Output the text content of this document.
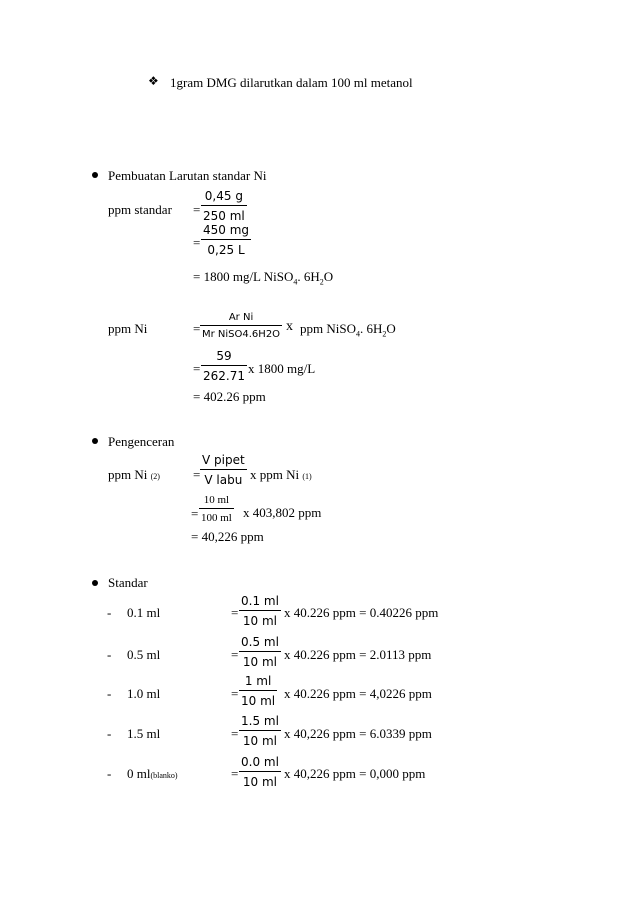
❖ 1gram DMG dilarutkan dalam 100 ml metanol
Pembuatan Larutan standar Ni
ppm standar = $\frac{0,45 g}{250 ml}$
= $\frac{450 mg}{0,25 L}$
= 1800 mg/L NiSO$_4$. $6H_2O$
ppm Ni	=
Ar Ni
Mr NiSO4.6H2O
x ppm NiSO$_4$. $6H_2O$
= $\frac{59}{262.71}$ x 1800 mg/L
= 402.26 ppm
Pengenceran
ppm Ni (2)	=
V pipet
V labu x ppm Ni (1)
= $\frac{10 ml}{100 ml}$ x 403,802 ppm
= 40,226 ppm
Standar
- 0.1 ml	= $\frac{0.1 ml}{10 ml}$ x 40.226 ppm = 0.40226 ppm
- 0.5 ml	= $\frac{0.5 ml}{10 ml}$ x 40.226 ppm = 2.0113 ppm
- 1.0 ml	= $\frac{1 ml}{10 ml}$ x 40.226 ppm = 4,0226 ppm
- 1.5 ml	= $\frac{1.5 ml}{10 ml}$ x 40,226 ppm = 6.0339 ppm
- 0 ml(blanko)	= $\frac{0.0 ml}{10 ml}$ x 40,226 ppm = 0,000 ppm
